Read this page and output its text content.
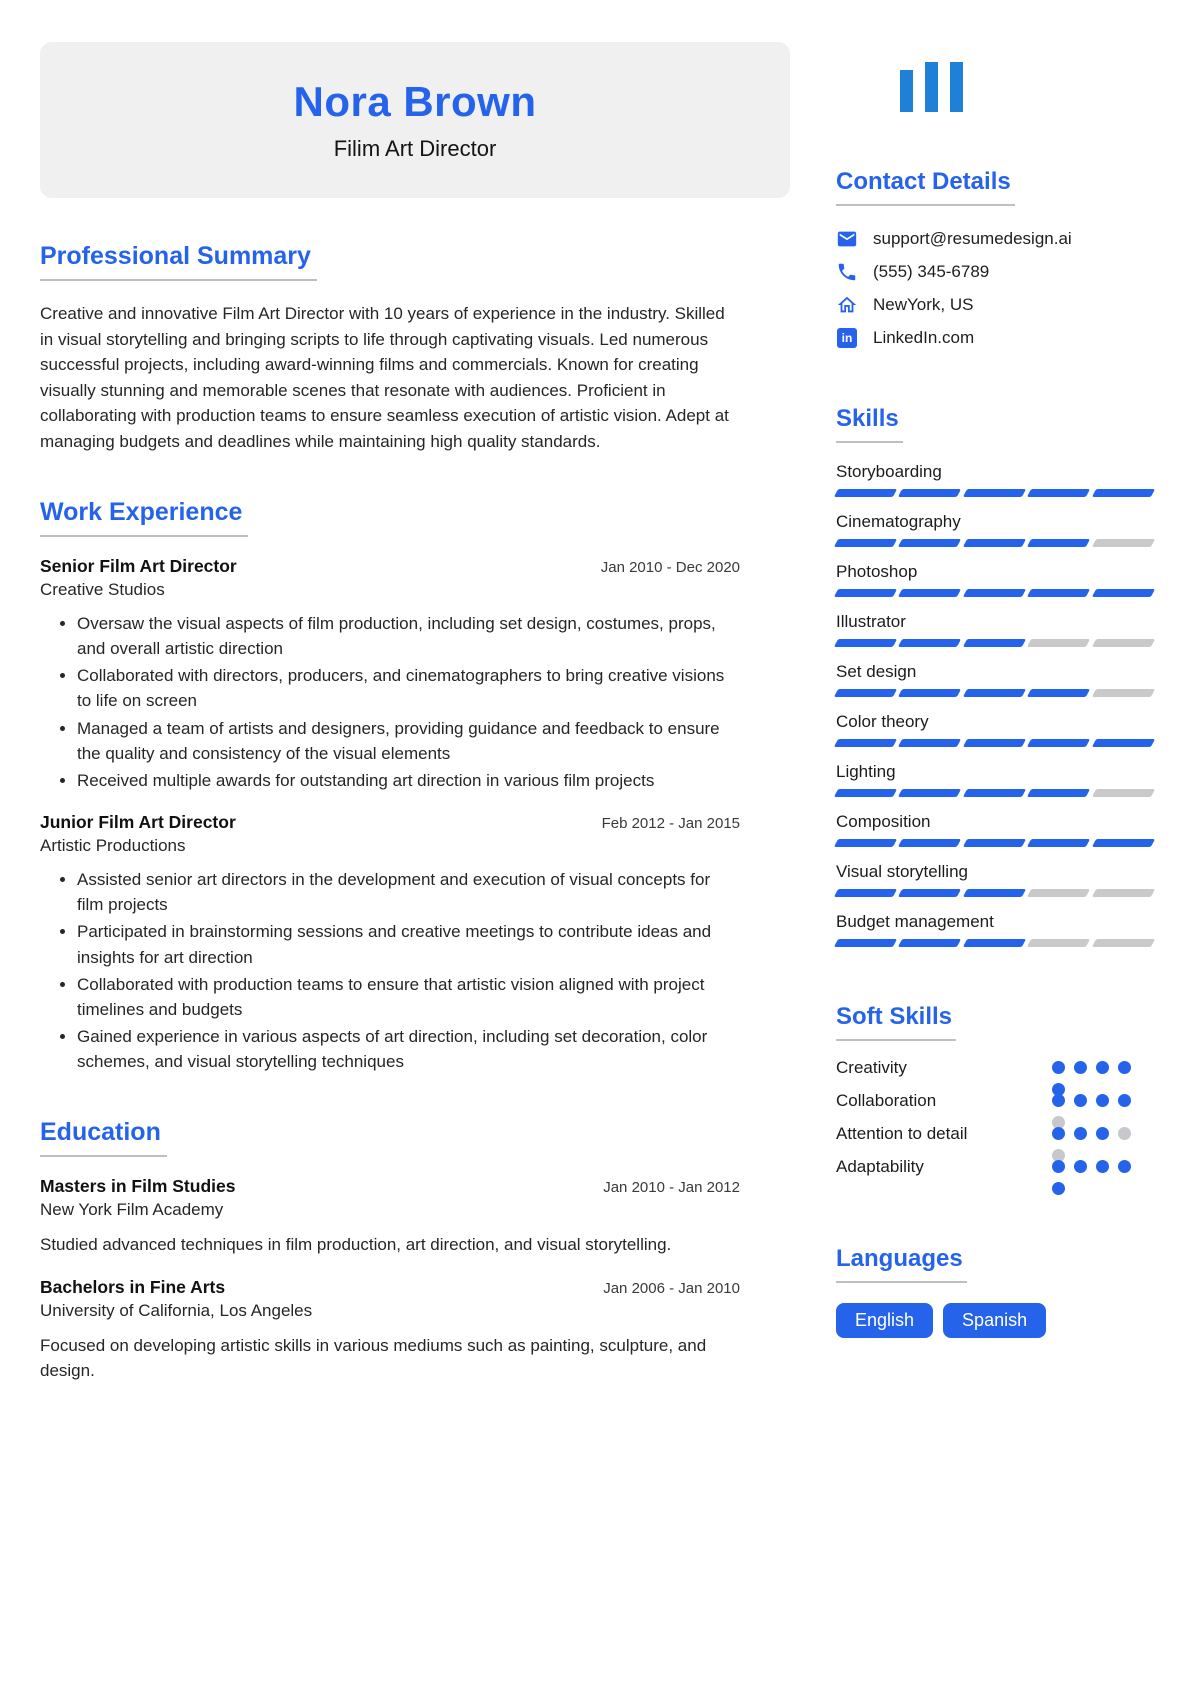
Nora Brown
Filim Art Director
Professional Summary

Creative and innovative Film Art Director with 10 years of experience in the industry. Skilled in visual storytelling and bringing scripts to life through captivating visuals. Led numerous successful projects, including award-winning films and commercials. Known for creating visually stunning and memorable scenes that resonate with audiences. Proficient in collaborating with production teams to ensure seamless execution of artistic vision. Adept at managing budgets and deadlines while maintaining high quality standards.

Work Experience
Senior Film Art Director	Jan 2010 - Dec 2020
Creative Studios
• Oversaw the visual aspects of film production, including set design, costumes, props, and overall artistic direction
• Collaborated with directors, producers, and cinematographers to bring creative visions to life on screen
• Managed a team of artists and designers, providing guidance and feedback to ensure the quality and consistency of the visual elements
• Received multiple awards for outstanding art direction in various film projects
Junior Film Art Director	Feb 2012 - Jan 2015
Artistic Productions
• Assisted senior art directors in the development and execution of visual concepts for film projects
• Participated in brainstorming sessions and creative meetings to contribute ideas and insights for art direction
• Collaborated with production teams to ensure that artistic vision aligned with project timelines and budgets
• Gained experience in various aspects of art direction, including set decoration, color schemes, and visual storytelling techniques
Education
Masters in Film Studies	Jan 2010 - Jan 2012
New York Film Academy

Studied advanced techniques in film production, art direction, and visual storytelling.

Bachelors in Fine Arts	Jan 2006 - Jan 2010
University of California, Los Angeles

Focused on developing artistic skills in various mediums such as painting, sculpture, and design.

Contact Details
support@resumedesign.ai
(555) 345-6789
NewYork, US
in LinkedIn.com
Skills
Storyboarding
Cinematography
Photoshop
Illustrator
Set design
Color theory
Lighting
Composition
Visual storytelling
Budget management
Soft Skills
Creativity
Collaboration
Attention to detail
Adaptability
Languages
English	Spanish
